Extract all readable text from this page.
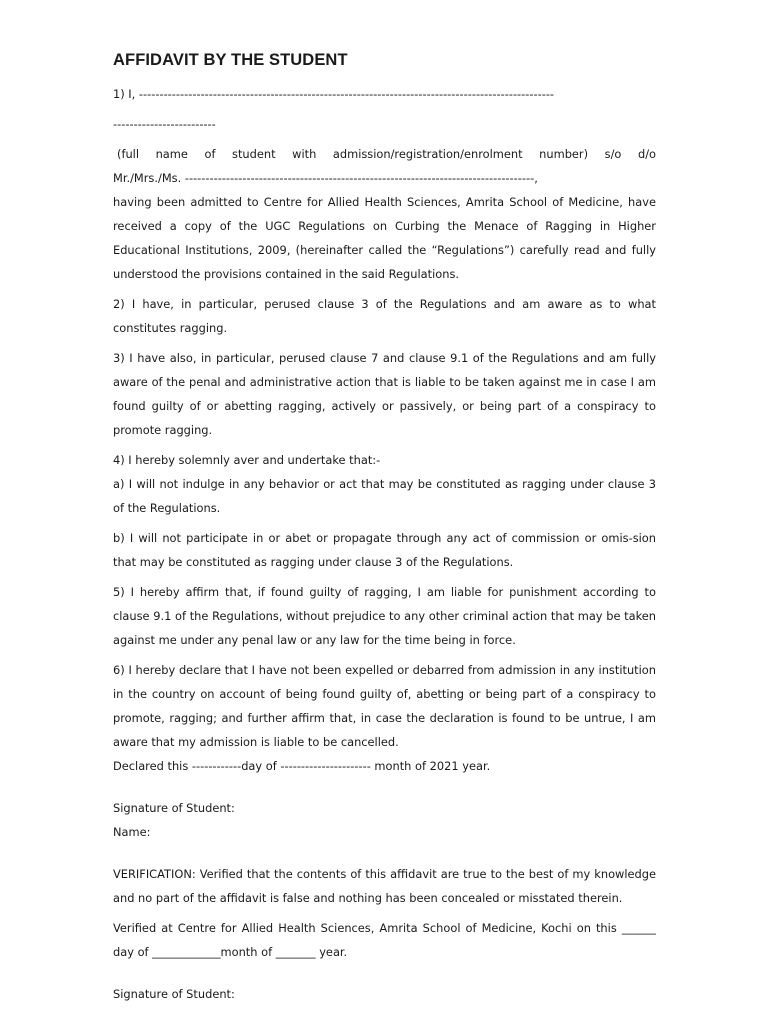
AFFIDAVIT BY THE STUDENT

1) I, -----------------------------------------------------------------------------------------------------

-------------------------

(full name of student with admission/registration/enrolment number) s/o d/o

Mr./Mrs./Ms. -------------------------------------------------------------------------------------,

having been admitted to Centre for Allied Health Sciences, Amrita School of Medicine, have received a copy of the UGC Regulations on Curbing the Menace of Ragging in Higher Educational Institutions, 2009, (hereinafter called the “Regulations”) carefully read and fully understood the provisions contained in the said Regulations.

2) I have, in particular, perused clause 3 of the Regulations and am aware as to what constitutes ragging.

3) I have also, in particular, perused clause 7 and clause 9.1 of the Regulations and am fully aware of the penal and administrative action that is liable to be taken against me in case I am found guilty of or abetting ragging, actively or passively, or being part of a conspiracy to promote ragging.

4) I hereby solemnly aver and undertake that:-

a) I will not indulge in any behavior or act that may be constituted as ragging under clause 3 of the Regulations.

b) I will not participate in or abet or propagate through any act of commission or omis-sion that may be constituted as ragging under clause 3 of the Regulations.

5) I hereby affirm that, if found guilty of ragging, I am liable for punishment according to clause 9.1 of the Regulations, without prejudice to any other criminal action that may be taken against me under any penal law or any law for the time being in force.

6) I hereby declare that I have not been expelled or debarred from admission in any institution in the country on account of being found guilty of, abetting or being part of a conspiracy to promote, ragging; and further affirm that, in case the declaration is found to be untrue, I am aware that my admission is liable to be cancelled.

Declared this ------------day of ---------------------- month of 2021 year.

Signature of Student:

Name:

VERIFICATION: Verified that the contents of this affidavit are true to the best of my knowledge and no part of the affidavit is false and nothing has been concealed or misstated therein.

Verified at Centre for Allied Health Sciences, Amrita School of Medicine, Kochi on this ______ day of ____________month of _______ year.

Signature of Student:
